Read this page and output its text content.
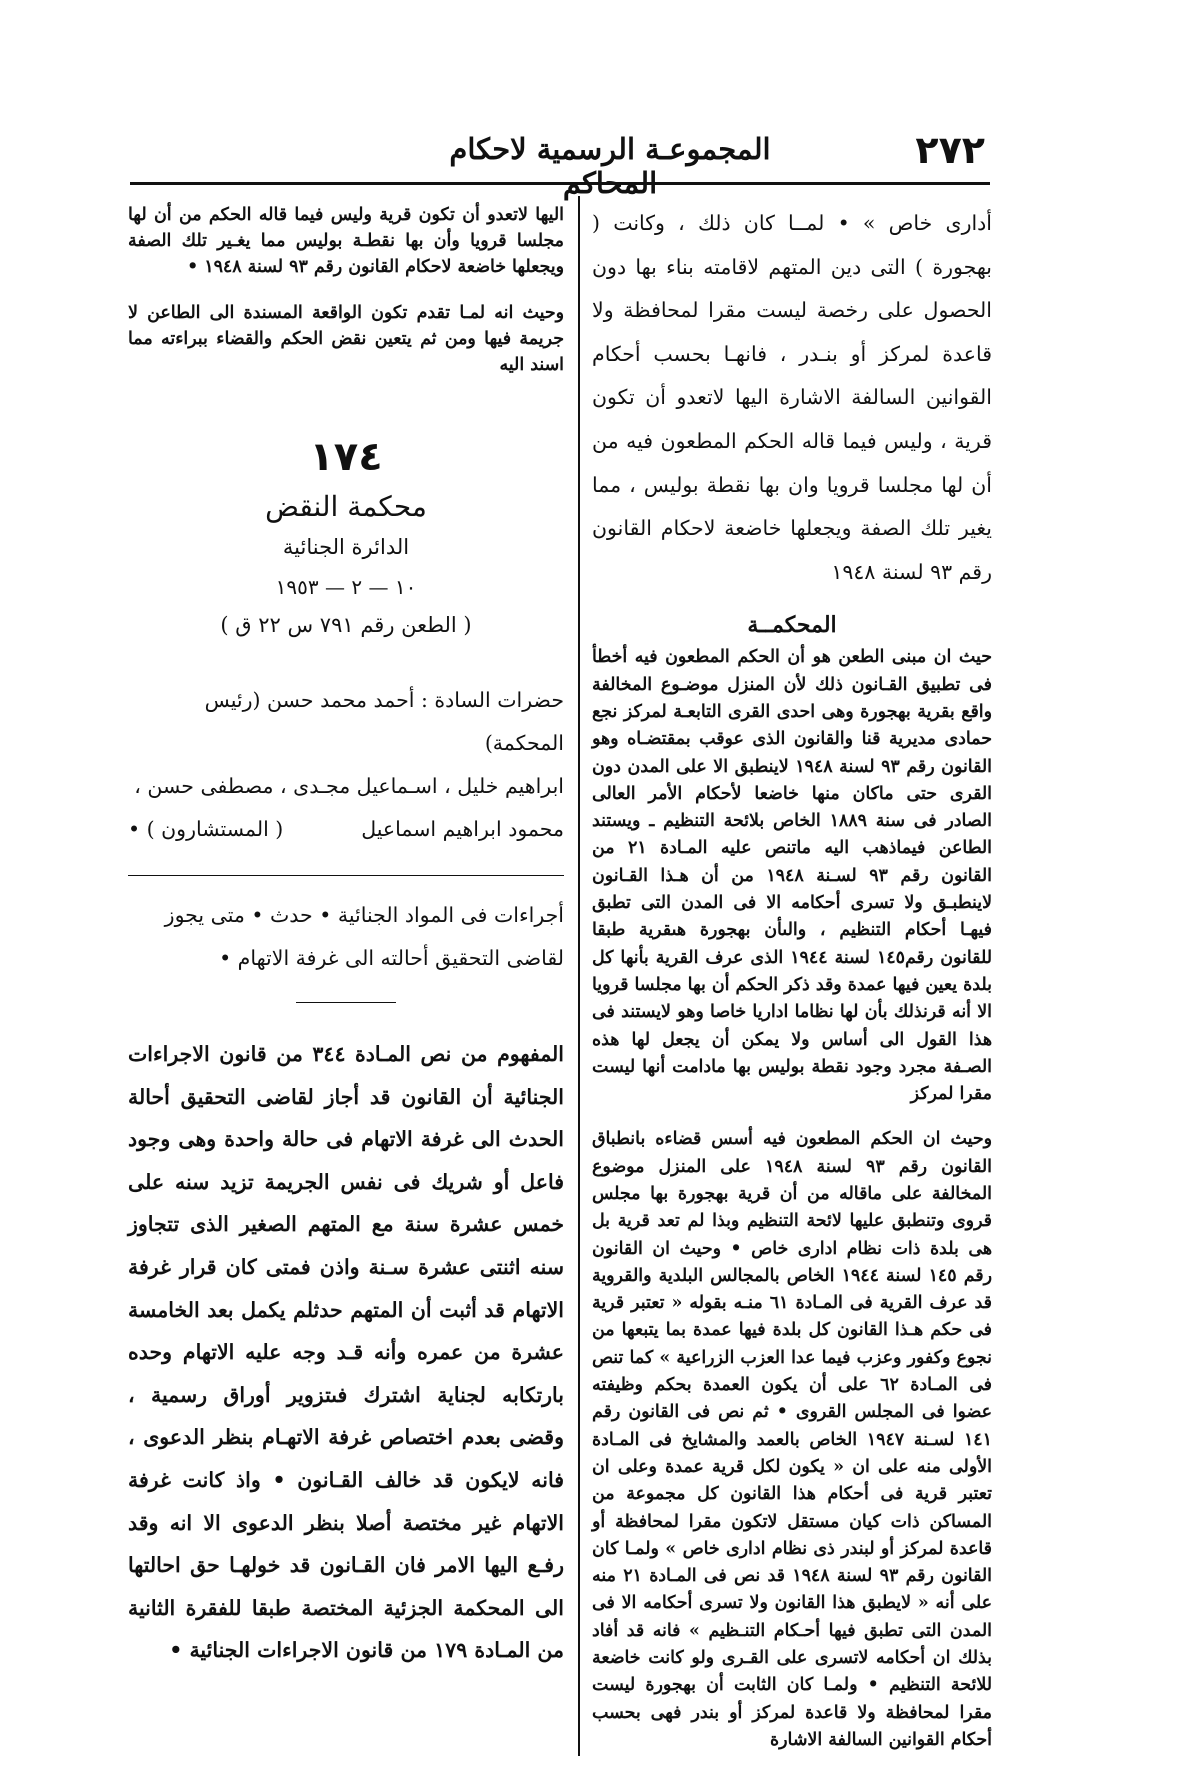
٢٧٢
المجموعـة الرسمية لاحكام المحاكم

أدارى خاص » • لمــا كان ذلك ، وكانت ( بهجورة ) التى دين المتهم لاقامته بناء بها دون الحصول على رخصة ليست مقرا لمحافظة ولا قاعدة لمركز أو بنـدر ، فانهـا بحسب أحكام القوانين السالفة الاشارة اليها لاتعدو أن تكون قرية ، وليس فيما قاله الحكم المطعون فيه من أن لها مجلسا قرويا وان بها نقطة بوليس ، مما يغير تلك الصفة ويجعلها خاضعة لاحكام القانون رقم ٩٣ لسنة ١٩٤٨

المحكمــة

حيث ان مبنى الطعن هو أن الحكم المطعون فيه أخطأ فى تطبيق القـانون ذلك لأن المنزل موضـوع المخالفة واقع بقرية بهجورة وهى احدى القرى التابعـة لمركز نجع حمادى مديرية قنا والقانون الذى عوقب بمقتضـاه وهو القانون رقم ٩٣ لسنة ١٩٤٨ لاينطبق الا على المدن دون القرى حتى ماكان منها خاضعا لأحكام الأمر العالى الصادر فى سنة ١٨٨٩ الخاص بلائحة التنظيم ـ ويستند الطاعن فيماذهب اليه ماتنص عليه المـادة ٢١ من القانون رقم ٩٣ لسـنة ١٩٤٨ من أن هـذا القـانون لاينطبـق ولا تسرى أحكامه الا فى المدن التى تطبق فيهـا أحكام التنظيم ، والىأن بهجورة هىقرية طبقا للقانون رقم١٤٥ لسنة ١٩٤٤ الذى عرف القرية بأنها كل بلدة يعين فيها عمدة وقد ذكر الحكم أن بها مجلسا قرويا الا أنه قرنذلك بأن لها نظاما اداريا خاصا وهو لايستند فى هذا القول الى أساس ولا يمكن أن يجعل لها هذه الصـفة مجرد وجود نقطة بوليس بها مادامت أنها ليست مقرا لمركز

وحيث ان الحكم المطعون فيه أسس قضاءه بانطباق القانون رقم ٩٣ لسنة ١٩٤٨ على المنزل موضوع المخالفة على ماقاله من أن قرية بهجورة بها مجلس قروى وتنطبق عليها لائحة التنظيم وبذا لم تعد قرية بل هى بلدة ذات نظام ادارى خاص • وحيث ان القانون رقم ١٤٥ لسنة ١٩٤٤ الخاص بالمجالس البلدية والقروية قد عرف القرية فى المـادة ٦١ منـه بقوله « تعتبر قرية فى حكم هـذا القانون كل بلدة فيها عمدة بما يتبعها من نجوع وكفور وعزب فيما عدا العزب الزراعية » كما تنص فى المـادة ٦٢ على أن يكون العمدة بحكم وظيفته عضوا فى المجلس القروى • ثم نص فى القانون رقم ١٤١ لسـنة ١٩٤٧ الخاص بالعمد والمشايخ فى المـادة الأولى منه على ان « يكون لكل قرية عمدة وعلى ان تعتبر قرية فى أحكام هذا القانون كل مجموعة من المساكن ذات كيان مستقل لاتكون مقرا لمحافظة أو قاعدة لمركز أو لبندر ذى نظام ادارى خاص » ولمـا كان القانون رقم ٩٣ لسنة ١٩٤٨ قد نص فى المـادة ٢١ منه على أنه « لايطبق هذا القانون ولا تسرى أحكامه الا فى المدن التى تطبق فيها أحـكام التنـظيم » فانه قد أفاد بذلك ان أحكامه لاتسرى على القـرى ولو كانت خاضعة للائحة التنظيم • ولمـا كان الثابت أن بهجورة ليست مقرا لمحافظة ولا قاعدة لمركز أو بندر فهى بحسب أحكام القوانين السالفة الاشارة

اليها لاتعدو أن تكون قرية وليس فيما قاله الحكم من أن لها مجلسا قرويا وأن بها نقطـة بوليس مما يغـير تلك الصفة ويجعلها خاضعة لاحكام القانون رقم ٩٣ لسنة ١٩٤٨ •

وحيث انه لمـا تقدم تكون الواقعة المسندة الى الطاعن لا جريمة فيها ومن ثم يتعين نقض الحكم والقضاء ببراءته مما اسند اليه

١٧٤
محكمة النقض
الدائرة الجنائية
١٠ — ٢ — ١٩٥٣
( الطعن رقم ٧٩١ س ٢٢ ق )
حضرات السادة : أحمد محمد حسن (رئيس المحكمة)
ابراهيم خليل ، اسـماعيل مجـدى ، مصطفى حسن ،
محمود ابراهيم اسماعيل
( المستشارون ) •

أجراءات فى المواد الجنائية • حدث • متى يجوز لقاضى التحقيق أحالته الى غرفة الاتهام •

المفهوم من نص المـادة ٣٤٤ من قانون الاجراءات الجنائية أن القانون قد أجاز لقاضى التحقيق أحالة الحدث الى غرفة الاتهام فى حالة واحدة وهى وجود فاعل أو شريك فى نفس الجريمة تزيد سنه على خمس عشرة سنة مع المتهم الصغير الذى تتجاوز سنه اثنتى عشرة سـنة واذن فمتى كان قرار غرفة الاتهام قد أثبت أن المتهم حدثلم يكمل بعد الخامسة عشرة من عمره وأنه قـد وجه عليه الاتهام وحده بارتكابه لجناية اشترك فىتزوير أوراق رسمية ، وقضى بعدم اختصاص غرفة الاتهـام بنظر الدعوى ، فانه لايكون قد خالف القـانون • واذ كانت غرفة الاتهام غير مختصة أصلا بنظر الدعوى الا انه وقد رفـع اليها الامر فان القـانون قد خولهـا حق احالتها الى المحكمة الجزئية المختصة طبقا للفقرة الثانية من المـادة ١٧٩ من قانون الاجراءات الجنائية •
